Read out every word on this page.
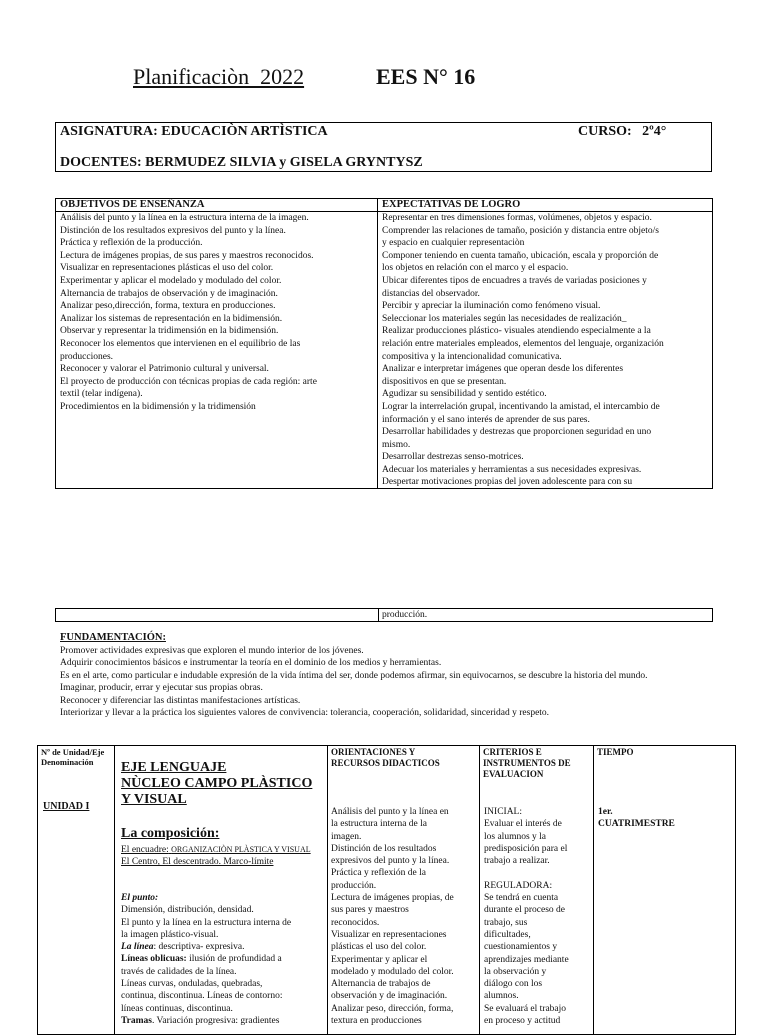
Planificaciòn  2022	EES N° 16
ASIGNATURA: EDUCACIÒN ARTÌSTICA	CURSO:   2º4°
DOCENTES: BERMUDEZ SILVIA y GISELA GRYNTYSZ
OBJETIVOS DE ENSEÑANZA
Análisis del punto y la línea en la estructura interna de la imagen.
Distinción de los resultados expresivos del punto y la línea.
Práctica y reflexión de la producción.
Lectura de imágenes propias, de sus pares y maestros reconocidos.
Visualizar en representaciones plásticas el uso del color.
Experimentar y aplicar el modelado y modulado del color.
Alternancia de trabajos de observación y de imaginación.
Analizar peso,dirección, forma, textura en producciones.
Analizar los sistemas de representación en la bidimensión.
Observar y representar la tridimensión en la bidimensión.
Reconocer los elementos que intervienen en el equilibrio de las
producciones.
Reconocer y valorar el Patrimonio cultural y universal.
El proyecto de producción con técnicas propias de cada región: arte
textil (telar indígena).
Procedimientos en la bidimensión y la tridimensión
EXPECTATIVAS DE LOGRO
Representar en tres dimensiones formas, volúmenes, objetos y espacio.
Comprender las relaciones de tamaño, posición y distancia entre objeto/s
y espacio en cualquier representaciòn
Componer teniendo en cuenta tamaño, ubicación, escala y proporción de
los objetos en relación con el marco y el espacio.
Ubicar diferentes tipos de encuadres a través de variadas posiciones y
distancias del observador.
Percibir y apreciar la iluminación como fenómeno visual.
Seleccionar los materiales según las necesidades de realización_
Realizar producciones plástico- visuales atendiendo especialmente a la
relación entre materiales empleados, elementos del lenguaje, organización
compositiva y la intencionalidad comunicativa.
Analizar e interpretar imágenes que operan desde los diferentes
dispositivos en que se presentan.
Agudizar su sensibilidad y sentido estético.
Lograr la interrelación grupal, incentivando la amistad, el intercambio de
información y el sano interés de aprender de sus pares.
Desarrollar habilidades y destrezas que proporcionen seguridad en uno
mismo.
Desarrollar destrezas senso-motrices.
Adecuar los materiales y herramientas a sus necesidades expresivas.
Despertar motivaciones propias del joven adolescente para con su
producción.
FUNDAMENTACIÓN:
Promover actividades expresivas que exploren el mundo interior de los jóvenes.
Adquirir conocimientos básicos e instrumentar la teoría en el dominio de los medios y herramientas.
Es en el arte, como particular e indudable expresión de la vida íntima del ser, donde podemos afirmar, sin equivocarnos, se descubre la historia del mundo.
Imaginar, producir, errar y ejecutar sus propias obras.
Reconocer y diferenciar las distintas manifestaciones artísticas.
Interiorizar y llevar a la práctica los siguientes valores de convivencia: tolerancia, cooperación, solidaridad, sinceridad y respeto.
Nº de Unidad/Eje Denominación
UNIDAD I
EJE LENGUAJE
NÙCLEO CAMPO PLÀSTICO
Y VISUAL
La composición:
El encuadre: ORGANIZACIÒN PLÀSTICA Y VISUAL
El Centro, El descentrado. Marco-límite
El punto:
Dimensión, distribución, densidad.
El punto y la línea en la estructura interna de
la imagen plástico-visual.
La línea: descriptiva- expresiva.
Líneas oblicuas: ilusión de profundidad a
través de calidades de la línea.
Líneas curvas, onduladas, quebradas,
continua, discontinua. Líneas de contorno:
líneas continuas, discontinua.
Tramas. Variación progresiva: gradientes
ORIENTACIONES Y
RECURSOS DIDACTICOS
Análisis del punto y la línea en
la estructura interna de la
imagen.
Distinción de los resultados
expresivos del punto y la línea.
Práctica y reflexión de la
producción.
Lectura de imágenes propias, de
sus pares y maestros
reconocidos.
Visualizar en representaciones
plásticas el uso del color.
Experimentar y aplicar el
modelado y modulado del color.
Alternancia de trabajos de
observación y de imaginación.
Analizar peso, dirección, forma,
textura en producciones
CRITERIOS E
INSTRUMENTOS DE
EVALUACION
INICIAL:
Evaluar el interés de
los alumnos y la
predisposición para el
trabajo a realizar.
REGULADORA:
Se tendrá en cuenta
durante el proceso de
trabajo, sus
dificultades,
cuestionamientos y
aprendizajes mediante
la observación y
diálogo con los
alumnos.
Se evaluará el trabajo
en proceso y actitud
TIEMPO
1er.
CUATRIMESTRE
